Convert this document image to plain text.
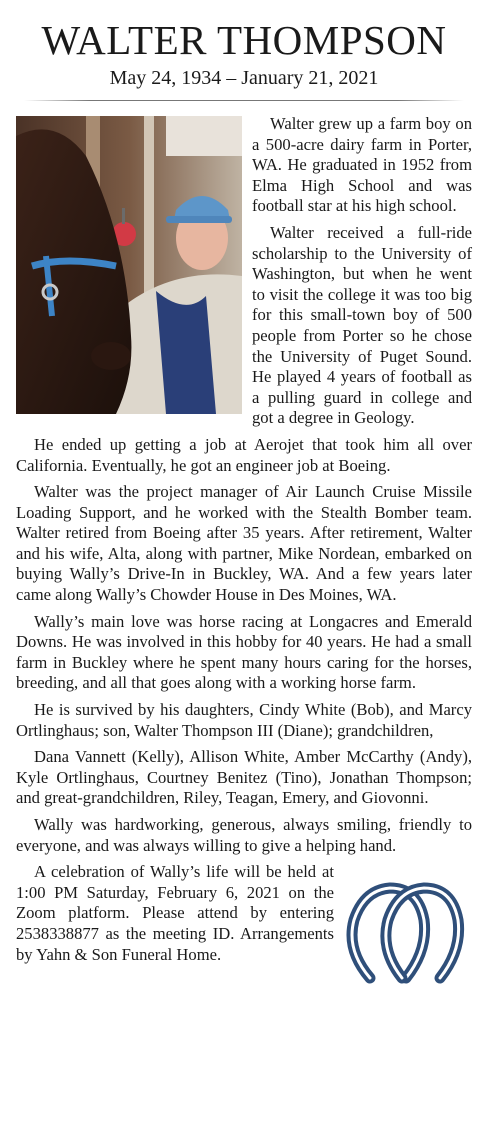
WALTER THOMPSON
May 24, 1934 – January 21, 2021

Walter grew up a farm boy on a 500-acre dairy farm in Porter, WA. He graduated in 1952 from Elma High School and was football star at his high school.

Walter received a full-ride scholarship to the University of Washington, but when he went to visit the college it was too big for this small-town boy of 500 people from Porter so he chose the University of Puget Sound. He played 4 years of football as a pulling guard in college and got a degree in Geology.

He ended up getting a job at Aerojet that took him all over California. Eventually, he got an engineer job at Boeing.

Walter was the project manager of Air Launch Cruise Missile Loading Support, and he worked with the Stealth Bomber team. Walter retired from Boeing after 35 years. After retirement, Walter and his wife, Alta, along with partner, Mike Nordean, embarked on buying Wally’s Drive-In in Buckley, WA. And a few years later came along Wally’s Chowder House in Des Moines, WA.

Wally’s main love was horse racing at Longacres and Emerald Downs. He was involved in this hobby for 40 years. He had a small farm in Buckley where he spent many hours caring for the horses, breeding, and all that goes along with a working horse farm.

He is survived by his daughters, Cindy White (Bob), and Marcy Ortlinghaus; son, Walter Thompson III (Diane); grandchildren,

Dana Vannett (Kelly), Allison White, Amber McCarthy (Andy), Kyle Ortlinghaus, Courtney Benitez (Tino), Jonathan Thompson; and great-grandchildren, Riley, Teagan, Emery, and Giovonni.

Wally was hardworking, generous, always smiling, friendly to everyone, and was always willing to give a helping hand.

A celebration of Wally’s life will be held at 1:00 PM Saturday, February 6, 2021 on the Zoom platform. Please attend by entering 2538338877 as the meeting ID. Arrangements by Yahn & Son Funeral Home.
